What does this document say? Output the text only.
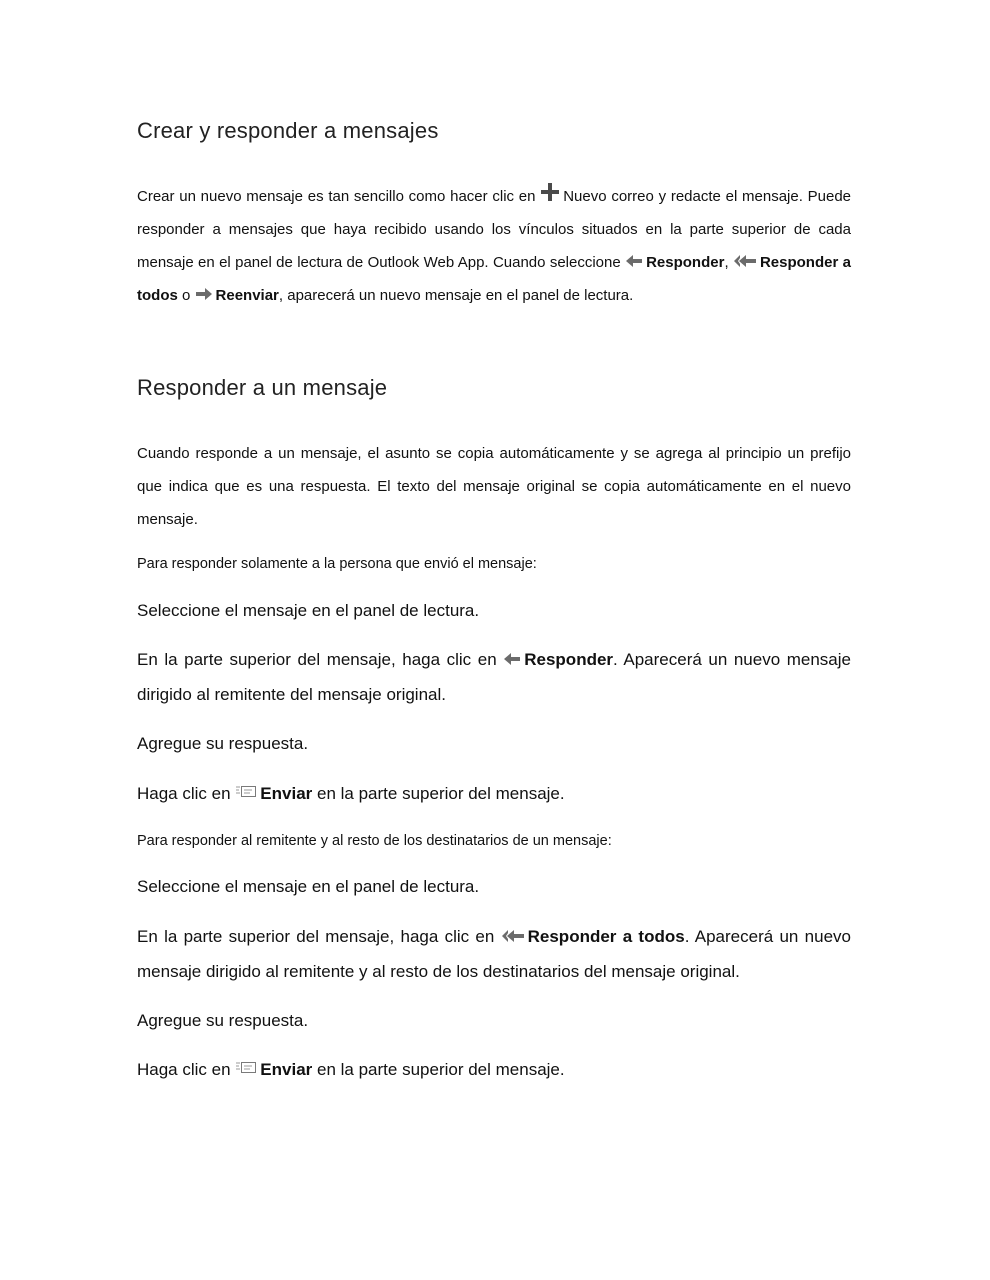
Crear y responder a mensajes

Crear un nuevo mensaje es tan sencillo como hacer clic en Nuevo correo y redacte el mensaje. Puede responder a mensajes que haya recibido usando los vínculos situados en la parte superior de cada mensaje en el panel de lectura de Outlook Web App. Cuando seleccione Responder, Responder a todos o Reenviar, aparecerá un nuevo mensaje en el panel de lectura.

Responder a un mensaje

Cuando responde a un mensaje, el asunto se copia automáticamente y se agrega al principio un prefijo que indica que es una respuesta. El texto del mensaje original se copia automáticamente en el nuevo mensaje.

Para responder solamente a la persona que envió el mensaje:

Seleccione el mensaje en el panel de lectura.

En la parte superior del mensaje, haga clic en Responder. Aparecerá un nuevo mensaje dirigido al remitente del mensaje original.

Agregue su respuesta.

Haga clic en Enviar en la parte superior del mensaje.

Para responder al remitente y al resto de los destinatarios de un mensaje:

Seleccione el mensaje en el panel de lectura.

En la parte superior del mensaje, haga clic en Responder a todos. Aparecerá un nuevo mensaje dirigido al remitente y al resto de los destinatarios del mensaje original.

Agregue su respuesta.

Haga clic en Enviar en la parte superior del mensaje.
